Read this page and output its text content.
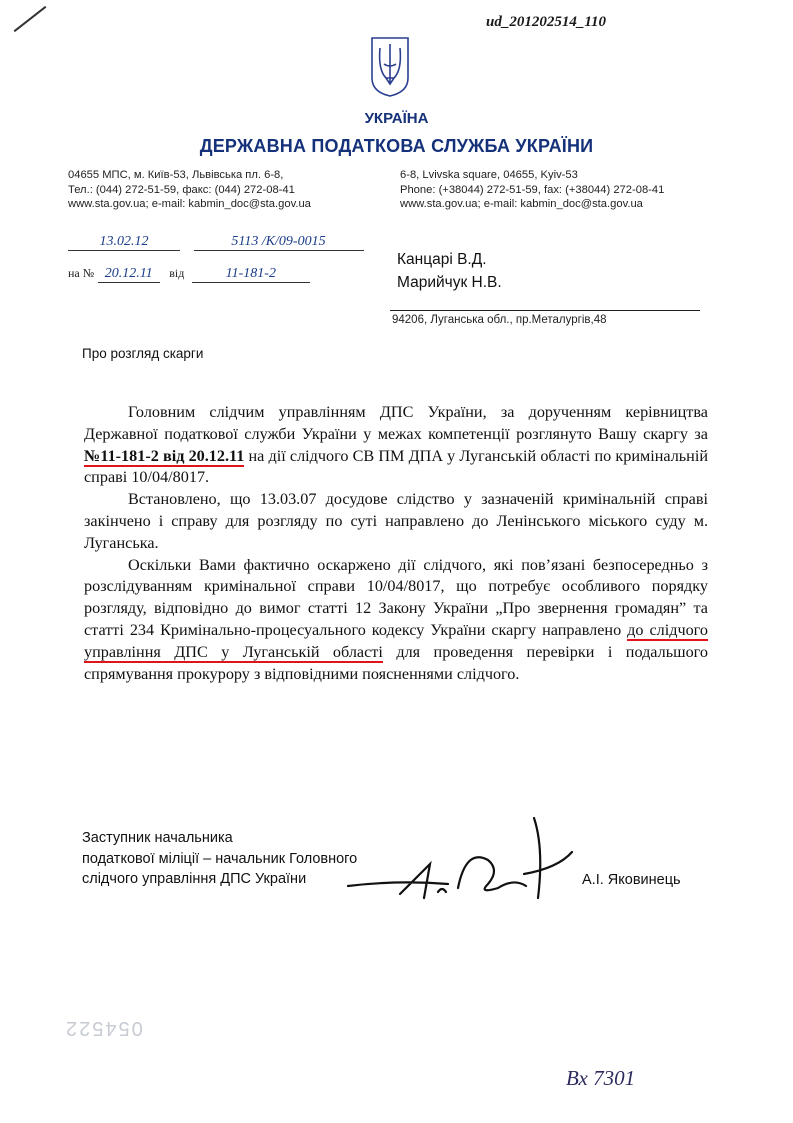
ud_201202514_110
УКРАЇНА
ДЕРЖАВНА ПОДАТКОВА СЛУЖБА УКРАЇНИ
04655 МПС, м. Київ-53, Львівська пл. 6-8,
Тел.: (044) 272-51-59, факс: (044) 272-08-41
www.sta.gov.ua; e-mail: kabmin_doc@sta.gov.ua
6-8, Lvivska square, 04655, Kyiv-53
Phone: (+38044) 272-51-59, fax: (+38044) 272-08-41
www.sta.gov.ua; e-mail: kabmin_doc@sta.gov.ua
13.02.12	5113 /К/09-0015
на № 20.12.11 від	11-181-2
Канцарі В.Д.
Марийчук Н.В.
94206, Луганська обл., пр.Металургів,48
Про розгляд скарги

Головним слідчим управлінням ДПС України, за дорученням керівництва Державної податкової служби України у межах компетенції розглянуто Вашу скаргу за №11-181-2 від 20.12.11 на дії слідчого СВ ПМ ДПА у Луганській області по кримінальній справі 10/04/8017.

Встановлено, що 13.03.07 досудове слідство у зазначеній кримінальній справі закінчено і справу для розгляду по суті направлено до Ленінського міського суду м. Луганська.

Оскільки Вами фактично оскаржено дії слідчого, які пов’язані безпосередньо з розслідуванням кримінальної справи 10/04/8017, що потребує особливого порядку розгляду, відповідно до вимог статті 12 Закону України „Про звернення громадян” та статті 234 Кримінально-процесуального кодексу України скаргу направлено до слідчого управління ДПС у Луганській області для проведення перевірки і подальшого спрямування прокурору з відповідними поясненнями слідчого.

Заступник начальника
податкової міліції – начальник Головного
слідчого управління ДПС України	А.І. Яковинець
054522
Вх 7301
